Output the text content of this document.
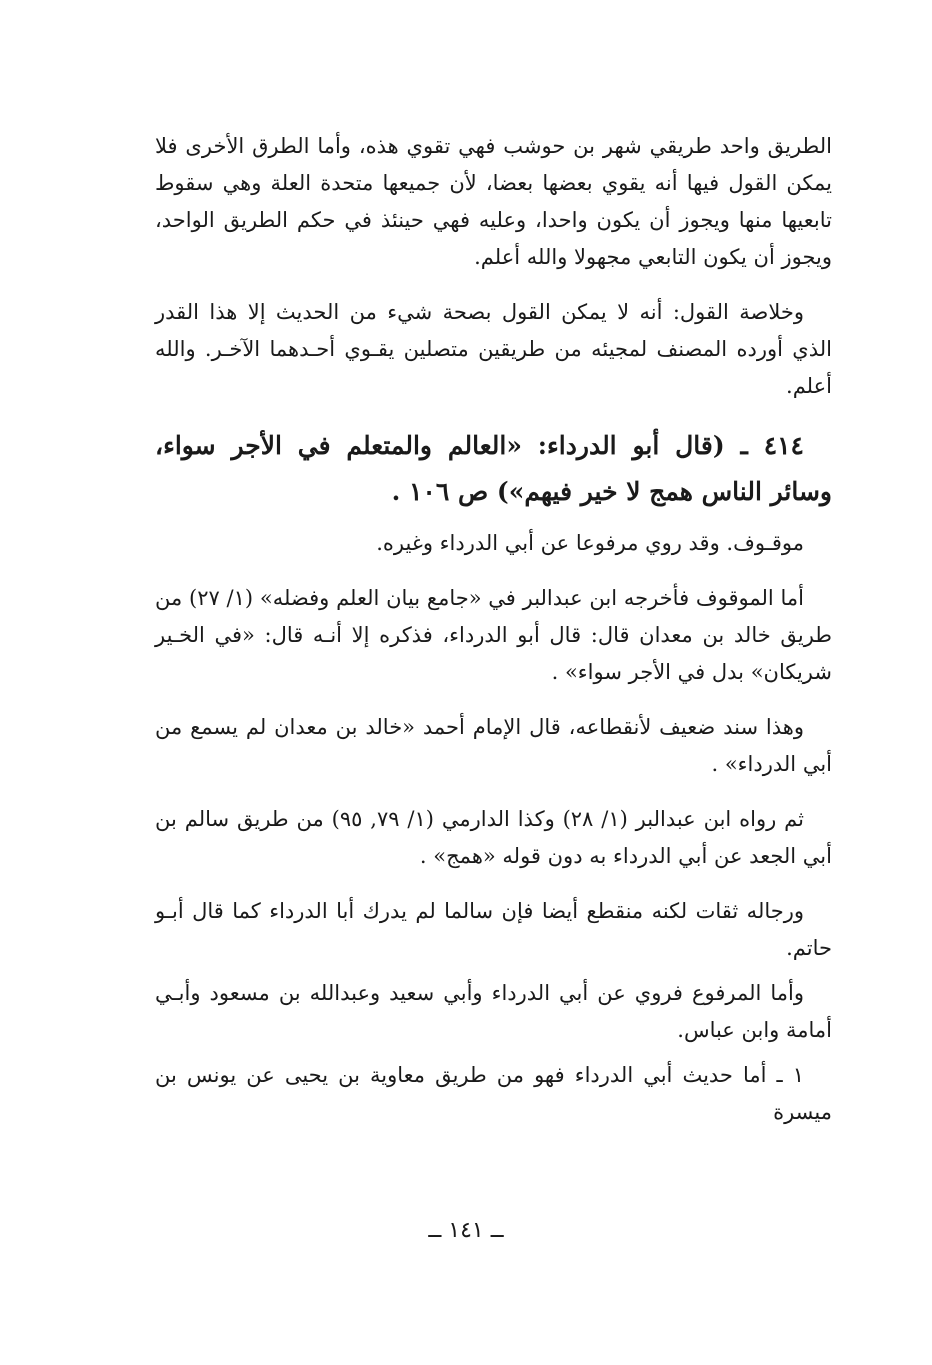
الطريق واحد طريقي شهر بن حوشب فهي تقوي هذه، وأما الطرق الأخرى فلا يمكن القول فيها أنه يقوي بعضها بعضا، لأن جميعها متحدة العلة وهي سقوط تابعيها منها ويجوز أن يكون واحدا، وعليه فهي حينئذ في حكم الطريق الواحد، ويجوز أن يكون التابعي مجهولا والله أعلم.

وخلاصة القول: أنه لا يمكن القول بصحة شيء من الحديث إلا هذا القدر الذي أورده المصنف لمجيئه من طريقين متصلين يقـوي أحـدهما الآخـر. والله أعلم.

٤١٤ ـ (قال أبو الدرداء: «العالم والمتعلم في الأجر سواء، وسائر الناس همج لا خير فيهم») ص ١٠٦ .

موقـوف. وقد روي مرفوعا عن أبي الدرداء وغيره.

أما الموقوف فأخرجه ابن عبدالبر في «جامع بيان العلم وفضله» (١/ ٢٧) من طريق خالد بن معدان قال: قال أبو الدرداء، فذكره إلا أنـه قال: «في الخـير شريكان» بدل في الأجر سواء» .

وهذا سند ضعيف لأنقطاعه، قال الإمام أحمد «خالد بن معدان لم يسمع من أبي الدرداء» .

ثم رواه ابن عبدالبر (١/ ٢٨) وكذا الدارمي (١/ ٧٩, ٩٥) من طريق سالم بن أبي الجعد عن أبي الدرداء به دون قوله «همج» .

ورجاله ثقات لكنه منقطع أيضا فإن سالما لم يدرك أبا الدرداء كما قال أبـو حاتم.

وأما المرفوع فروي عن أبي الدرداء وأبي سعيد وعبدالله بن مسعود وأبـي أمامة وابن عباس.

١ ـ أما حديث أبي الدرداء فهو من طريق معاوية بن يحيى عن يونس بن ميسرة

ــ ١٤١ ــ
